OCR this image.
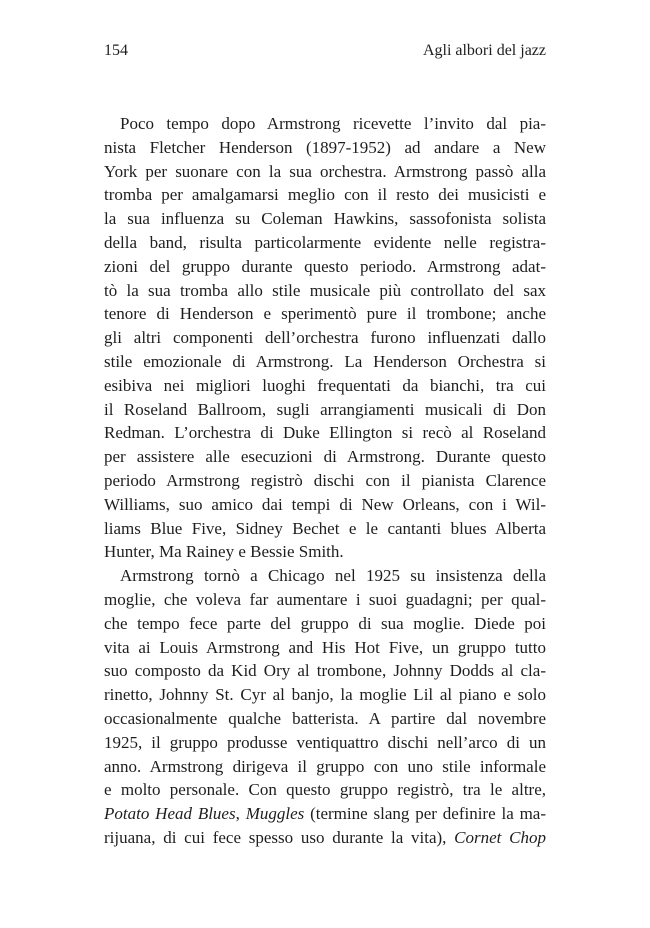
154	Agli albori del jazz
Poco tempo dopo Armstrong ricevette l’invito dal pia-
nista Fletcher Henderson (1897-1952) ad andare a New
York per suonare con la sua orchestra. Armstrong passò alla
tromba per amalgamarsi meglio con il resto dei musicisti e
la sua influenza su Coleman Hawkins, sassofonista solista
della band, risulta particolarmente evidente nelle registra-
zioni del gruppo durante questo periodo. Armstrong adat-
tò la sua tromba allo stile musicale più controllato del sax
tenore di Henderson e sperimentò pure il trombone; anche
gli altri componenti dell’orchestra furono influenzati dallo
stile emozionale di Armstrong. La Henderson Orchestra si
esibiva nei migliori luoghi frequentati da bianchi, tra cui
il Roseland Ballroom, sugli arrangiamenti musicali di Don
Redman. L’orchestra di Duke Ellington si recò al Roseland
per assistere alle esecuzioni di Armstrong. Durante questo
periodo Armstrong registrò dischi con il pianista Clarence
Williams, suo amico dai tempi di New Orleans, con i Wil-
liams Blue Five, Sidney Bechet e le cantanti blues Alberta
Hunter, Ma Rainey e Bessie Smith.
Armstrong tornò a Chicago nel 1925 su insistenza della
moglie, che voleva far aumentare i suoi guadagni; per qual-
che tempo fece parte del gruppo di sua moglie. Diede poi
vita ai Louis Armstrong and His Hot Five, un gruppo tutto
suo composto da Kid Ory al trombone, Johnny Dodds al cla-
rinetto, Johnny St. Cyr al banjo, la moglie Lil al piano e solo
occasionalmente qualche batterista. A partire dal novembre
1925, il gruppo produsse ventiquattro dischi nell’arco di un
anno. Armstrong dirigeva il gruppo con uno stile informale
e molto personale. Con questo gruppo registrò, tra le altre,
Potato Head Blues, Muggles (termine slang per definire la ma-
rijuana, di cui fece spesso uso durante la vita), Cornet Chop
